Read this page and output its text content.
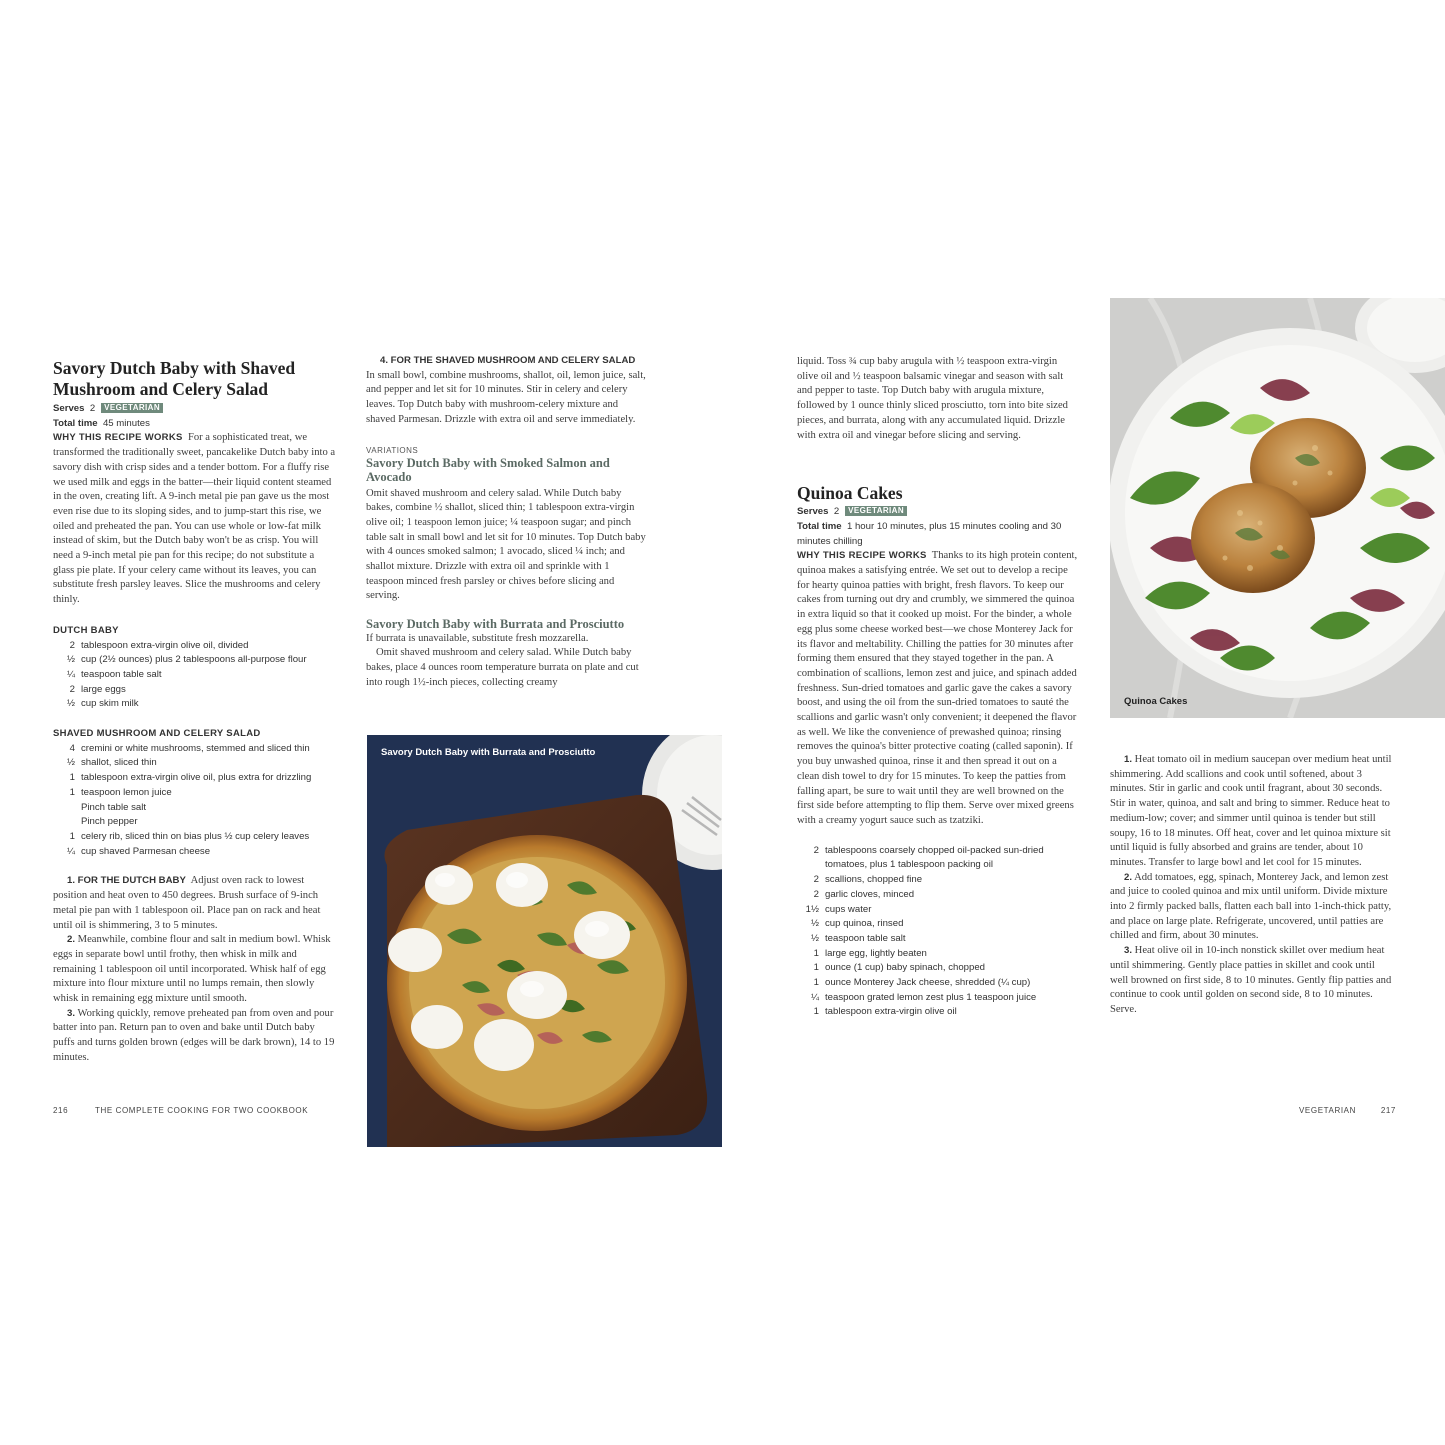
Savory Dutch Baby with Shaved Mushroom and Celery Salad
Serves 2 VEGETARIAN
Total time 45 minutes

WHY THIS RECIPE WORKS For a sophisticated treat, we transformed the traditionally sweet, pancakelike Dutch baby into a savory dish with crisp sides and a tender bottom. For a fluffy rise we used milk and eggs in the batter—their liquid content steamed in the oven, creating lift. A 9-inch metal pie pan gave us the most even rise due to its sloping sides, and to jump-start this rise, we oiled and preheated the pan. You can use whole or low-fat milk instead of skim, but the Dutch baby won't be as crisp. You will need a 9-inch metal pie pan for this recipe; do not substitute a glass pie plate. If your celery came without its leaves, you can substitute fresh parsley leaves. Slice the mushrooms and celery thinly.

DUTCH BABY
2 tablespoon extra-virgin olive oil, divided
½ cup (2½ ounces) plus 2 tablespoons all-purpose flour
¼ teaspoon table salt
2 large eggs
½ cup skim milk
SHAVED MUSHROOM AND CELERY SALAD
4 cremini or white mushrooms, stemmed and sliced thin
½ shallot, sliced thin
1 tablespoon extra-virgin olive oil, plus extra for drizzling
1 teaspoon lemon juice
Pinch table salt
Pinch pepper
1 celery rib, sliced thin on bias plus ½ cup celery leaves
¼ cup shaved Parmesan cheese

1. FOR THE DUTCH BABY Adjust oven rack to lowest position and heat oven to 450 degrees. Brush surface of 9-inch metal pie pan with 1 tablespoon oil. Place pan on rack and heat until oil is shimmering, 3 to 5 minutes.

2. Meanwhile, combine flour and salt in medium bowl. Whisk eggs in separate bowl until frothy, then whisk in milk and remaining 1 tablespoon oil until incorporated. Whisk half of egg mixture into flour mixture until no lumps remain, then slowly whisk in remaining egg mixture until smooth.

3. Working quickly, remove preheated pan from oven and pour batter into pan. Return pan to oven and bake until Dutch baby puffs and turns golden brown (edges will be dark brown), 14 to 19 minutes.

4. FOR THE SHAVED MUSHROOM AND CELERY SALAD  In small bowl, combine mushrooms, shallot, oil, lemon juice, salt, and pepper and let sit for 10 minutes. Stir in celery and celery leaves. Top Dutch baby with mushroom-celery mixture and shaved Parmesan. Drizzle with extra oil and serve immediately.

VARIATIONS
Savory Dutch Baby with Smoked Salmon and Avocado

Omit shaved mushroom and celery salad. While Dutch baby bakes, combine ½ shallot, sliced thin; 1 tablespoon extra-virgin olive oil; 1 teaspoon lemon juice; ¼ teaspoon sugar; and pinch table salt in small bowl and let sit for 10 minutes. Top Dutch baby with 4 ounces smoked salmon; 1 avocado, sliced ¼ inch; and shallot mixture. Drizzle with extra oil and sprinkle with 1 teaspoon minced fresh parsley or chives before slicing and serving.

Savory Dutch Baby with Burrata and Prosciutto

If burrata is unavailable, substitute fresh mozzarella.

Omit shaved mushroom and celery salad. While Dutch baby bakes, place 4 ounces room temperature burrata on plate and cut into rough 1½-inch pieces, collecting creamy

Savory Dutch Baby with Burrata and Prosciutto

liquid. Toss ¾ cup baby arugula with ½ teaspoon extra-virgin olive oil and ½ teaspoon balsamic vinegar and season with salt and pepper to taste. Top Dutch baby with arugula mixture, followed by 1 ounce thinly sliced prosciutto, torn into bite sized pieces, and burrata, along with any accumulated liquid. Drizzle with extra oil and vinegar before slicing and serving.

Quinoa Cakes
Serves 2 VEGETARIAN
Total time 1 hour 10 minutes, plus 15 minutes cooling and 30 minutes chilling

WHY THIS RECIPE WORKS Thanks to its high protein content, quinoa makes a satisfying entrée. We set out to develop a recipe for hearty quinoa patties with bright, fresh flavors. To keep our cakes from turning out dry and crumbly, we simmered the quinoa in extra liquid so that it cooked up moist. For the binder, a whole egg plus some cheese worked best—we chose Monterey Jack for its flavor and meltability. Chilling the patties for 30 minutes after forming them ensured that they stayed together in the pan. A combination of scallions, lemon zest and juice, and spinach added freshness. Sun-dried tomatoes and garlic gave the cakes a savory boost, and using the oil from the sun-dried tomatoes to sauté the scallions and garlic wasn't only convenient; it deepened the flavor as well. We like the convenience of prewashed quinoa; rinsing removes the quinoa's bitter protective coating (called saponin). If you buy unwashed quinoa, rinse it and then spread it out on a clean dish towel to dry for 15 minutes. To keep the patties from falling apart, be sure to wait until they are well browned on the first side before attempting to flip them. Serve over mixed greens with a creamy yogurt sauce such as tzatziki.

2 tablespoons coarsely chopped oil-packed sun-dried tomatoes, plus 1 tablespoon packing oil
2 scallions, chopped fine
2 garlic cloves, minced
1½ cups water
½ cup quinoa, rinsed
½ teaspoon table salt
1 large egg, lightly beaten
1 ounce (1 cup) baby spinach, chopped
1 ounce Monterey Jack cheese, shredded (¼ cup)
¼ teaspoon grated lemon zest plus 1 teaspoon juice
1 tablespoon extra-virgin olive oil
Quinoa Cakes

1. Heat tomato oil in medium saucepan over medium heat until shimmering. Add scallions and cook until softened, about 3 minutes. Stir in garlic and cook until fragrant, about 30 seconds. Stir in water, quinoa, and salt and bring to simmer. Reduce heat to medium-low; cover; and simmer until quinoa is tender but still soupy, 16 to 18 minutes. Off heat, cover and let quinoa mixture sit until liquid is fully absorbed and grains are tender, about 10 minutes. Transfer to large bowl and let cool for 15 minutes.

2. Add tomatoes, egg, spinach, Monterey Jack, and lemon zest and juice to cooled quinoa and mix until uniform. Divide mixture into 2 firmly packed balls, flatten each ball into 1-inch-thick patty, and place on large plate. Refrigerate, uncovered, until patties are chilled and firm, about 30 minutes.

3. Heat olive oil in 10-inch nonstick skillet over medium heat until shimmering. Gently place patties in skillet and cook until well browned on first side, 8 to 10 minutes. Gently flip patties and continue to cook until golden on second side, 8 to 10 minutes. Serve.

216	THE COMPLETE COOKING FOR TWO COOKBOOK	VEGETARIAN	217
